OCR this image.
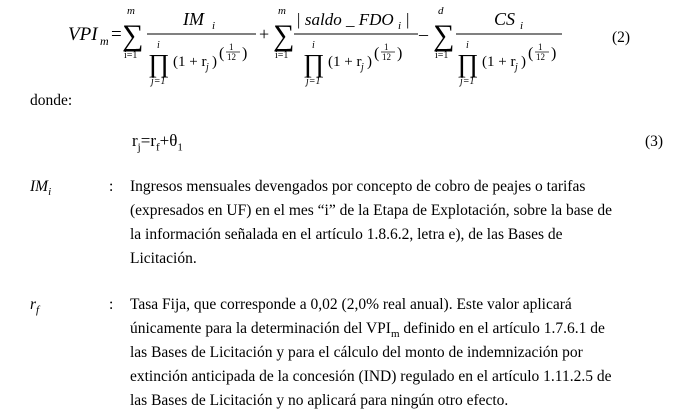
VPI m =
m
∑
i=1
IM i
i
∏
j=1
(1 + r j ) ( 1
12 )
+
m
∑
i=1
| saldo _ FDO i |
i
∏
j=1
(1 + r j ) ( 1
12 )
–
d
∑
i=1
CS i
i
∏
j=1
(1 + r j ) ( 1
12 )
(2)
donde:
$r_j=r_f+\theta_1$	(3)
$IM_i$	: Ingresos mensuales devengados por concepto de cobro de peajes o tarifas
(expresados en UF) en el mes “i” de la Etapa de Explotación, sobre la base de
la información señalada en el artículo 1.8.6.2, letra e), de las Bases de
Licitación.
$r_f$	: Tasa Fija, que corresponde a 0,02 (2,0% real anual). Este valor aplicará
únicamente para la determinación del $VPI_m$ definido en el artículo 1.7.6.1 de
las Bases de Licitación y para el cálculo del monto de indemnización por
extinción anticipada de la concesión (IND) regulado en el artículo 1.11.2.5 de
las Bases de Licitación y no aplicará para ningún otro efecto.
